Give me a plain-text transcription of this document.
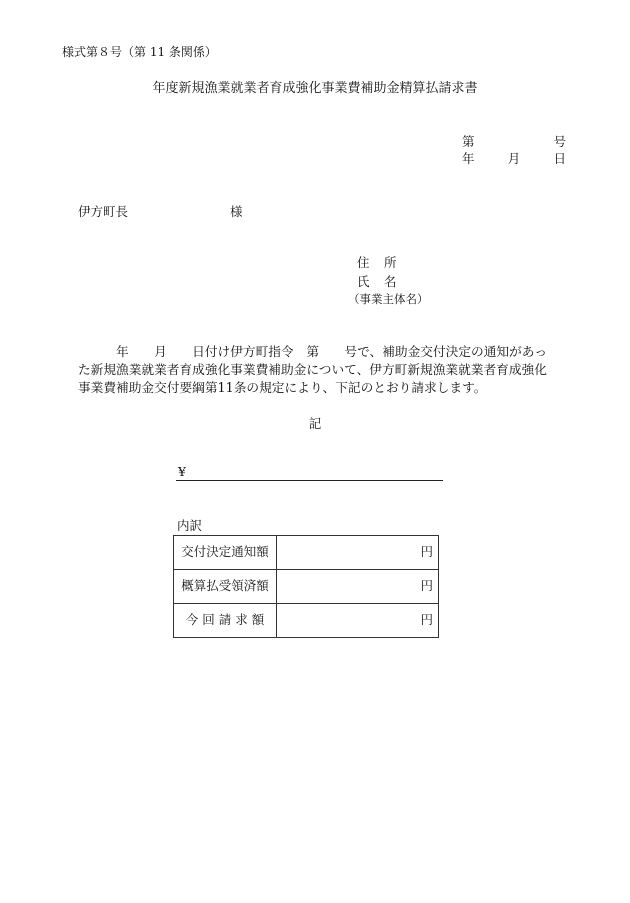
様式第８号（第 11 条関係）
年度新規漁業就業者育成強化事業費補助金精算払請求書
第	号
年	月	日
伊方町長	様
住　所
氏　名
（事業主体名）
　　　年　　月　　日付け伊方町指令　第　　号で、補助金交付決定の通知があっ
た新規漁業就業者育成強化事業費補助金について、伊方町新規漁業就業者育成強化
事業費補助金交付要綱第11条の規定により、下記のとおり請求します。
記
¥
内訳
交付決定通知額	円
概算払受領済額	円
今 回 請 求 額	円
